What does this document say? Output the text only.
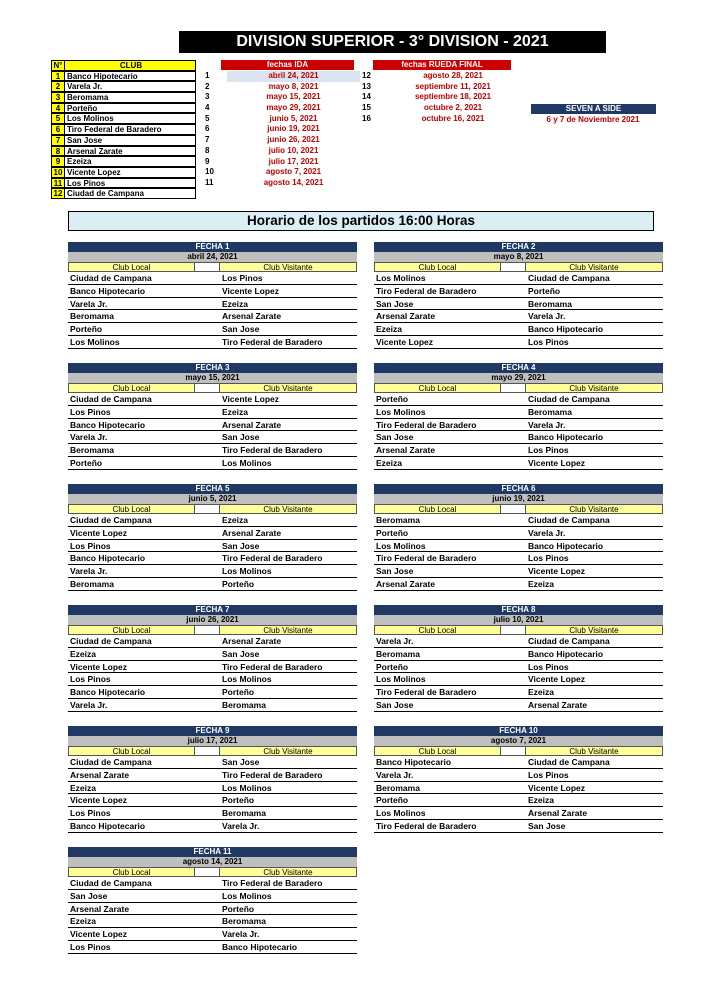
DIVISION SUPERIOR - 3° DIVISION - 2021
N°	CLUB
1 Banco Hipotecario
2 Varela Jr.
3 Beromama
4 Porteño
5 Los Molinos
6 Tiro Federal de Baradero
7 San Jose
8 Arsenal Zarate
9 Ezeiza
10 Vicente Lopez
11 Los Pinos
12 Ciudad de Campana
fechas IDA
1	abril 24, 2021
2	mayo 8, 2021
3	mayo 15, 2021
4	mayo 29, 2021
5	junio 5, 2021
6	junio 19, 2021
7	junio 26, 2021
8	julio 10, 2021
9	julio 17, 2021
10	agosto 7, 2021
11	agosto 14, 2021
fechas RUEDA FINAL
12	agosto 28, 2021
13	septiembre 11, 2021
14	septiembre 18, 2021
15	octubre 2, 2021
16	octubre 16, 2021
SEVEN A SIDE
6 y 7 de Noviembre 2021
Horario de los partidos 16:00 Horas
FECHA 1
abril 24, 2021
Club Local	Club Visitante
Ciudad de Campana	Los Pinos
Banco Hipotecario	Vicente Lopez
Varela Jr.	Ezeiza
Beromama	Arsenal Zarate
Porteño	San Jose
Los Molinos	Tiro Federal de Baradero
FECHA 2
mayo 8, 2021
Club Local	Club Visitante
Los Molinos	Ciudad de Campana
Tiro Federal de Baradero	Porteño
San Jose	Beromama
Arsenal Zarate	Varela Jr.
Ezeiza	Banco Hipotecario
Vicente Lopez	Los Pinos
FECHA 3
mayo 15, 2021
Club Local	Club Visitante
Ciudad de Campana	Vicente Lopez
Los Pinos	Ezeiza
Banco Hipotecario	Arsenal Zarate
Varela Jr.	San Jose
Beromama	Tiro Federal de Baradero
Porteño	Los Molinos
FECHA 4
mayo 29, 2021
Club Local	Club Visitante
Porteño	Ciudad de Campana
Los Molinos	Beromama
Tiro Federal de Baradero	Varela Jr.
San Jose	Banco Hipotecario
Arsenal Zarate	Los Pinos
Ezeiza	Vicente Lopez
FECHA 5
junio 5, 2021
Club Local	Club Visitante
Ciudad de Campana	Ezeiza
Vicente Lopez	Arsenal Zarate
Los Pinos	San Jose
Banco Hipotecario	Tiro Federal de Baradero
Varela Jr.	Los Molinos
Beromama	Porteño
FECHA 6
junio 19, 2021
Club Local	Club Visitante
Beromama	Ciudad de Campana
Porteño	Varela Jr.
Los Molinos	Banco Hipotecario
Tiro Federal de Baradero	Los Pinos
San Jose	Vicente Lopez
Arsenal Zarate	Ezeiza
FECHA 7
junio 26, 2021
Club Local	Club Visitante
Ciudad de Campana	Arsenal Zarate
Ezeiza	San Jose
Vicente Lopez	Tiro Federal de Baradero
Los Pinos	Los Molinos
Banco Hipotecario	Porteño
Varela Jr.	Beromama
FECHA 8
julio 10, 2021
Club Local	Club Visitante
Varela Jr.	Ciudad de Campana
Beromama	Banco Hipotecario
Porteño	Los Pinos
Los Molinos	Vicente Lopez
Tiro Federal de Baradero	Ezeiza
San Jose	Arsenal Zarate
FECHA 9
julio 17, 2021
Club Local	Club Visitante
Ciudad de Campana	San Jose
Arsenal Zarate	Tiro Federal de Baradero
Ezeiza	Los Molinos
Vicente Lopez	Porteño
Los Pinos	Beromama
Banco Hipotecario	Varela Jr.
FECHA 10
agosto 7, 2021
Club Local	Club Visitante
Banco Hipotecario	Ciudad de Campana
Varela Jr.	Los Pinos
Beromama	Vicente Lopez
Porteño	Ezeiza
Los Molinos	Arsenal Zarate
Tiro Federal de Baradero	San Jose
FECHA 11
agosto 14, 2021
Club Local	Club Visitante
Ciudad de Campana	Tiro Federal de Baradero
San Jose	Los Molinos
Arsenal Zarate	Porteño
Ezeiza	Beromama
Vicente Lopez	Varela Jr.
Los Pinos	Banco Hipotecario
